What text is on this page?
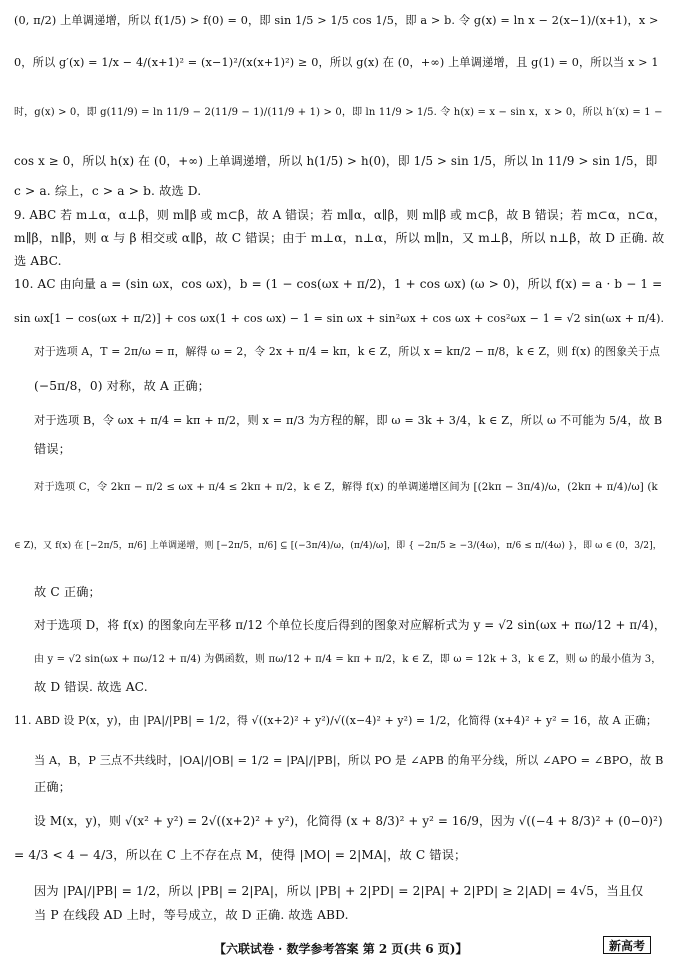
(0, π/2) 上单调递增，所以 f(1/5) > f(0) = 0，即 sin 1/5 > 1/5 cos 1/5，即 a > b. 令 g(x) = ln x − 2(x−1)/(x+1)，x >
0，所以 g′(x) = 1/x − 4/(x+1)² = (x−1)²/(x(x+1)²) ≥ 0，所以 g(x) 在 (0，+∞) 上单调递增，且 g(1) = 0，所以当 x > 1
时，g(x) > 0，即 g(11/9) = ln 11/9 − 2(11/9 − 1)/(11/9 + 1) > 0，即 ln 11/9 > 1/5. 令 h(x) = x − sin x，x > 0，所以 h′(x) = 1 −
cos x ≥ 0，所以 h(x) 在 (0，+∞) 上单调递增，所以 h(1/5) > h(0)，即 1/5 > sin 1/5，所以 ln 11/9 > sin 1/5，即
c > a. 综上，c > a > b. 故选 D.
9. ABC 若 m⊥α，α⊥β，则 m∥β 或 m⊂β，故 A 错误；若 m∥α，α∥β，则 m∥β 或 m⊂β，故 B 错误；若 m⊂α，n⊂α，
m∥β，n∥β，则 α 与 β 相交或 α∥β，故 C 错误；由于 m⊥α，n⊥α，所以 m∥n，又 m⊥β，所以 n⊥β，故 D 正确. 故
选 ABC.
10. AC 由向量 a = (sin ωx，cos ωx)，b = (1 − cos(ωx + π/2)，1 + cos ωx) (ω > 0)，所以 f(x) = a · b − 1 =
sin ωx[1 − cos(ωx + π/2)] + cos ωx(1 + cos ωx) − 1 = sin ωx + sin²ωx + cos ωx + cos²ωx − 1 = √2 sin(ωx + π/4).
对于选项 A，T = 2π/ω = π，解得 ω = 2，令 2x + π/4 = kπ，k ∈ Z，所以 x = kπ/2 − π/8，k ∈ Z，则 f(x) 的图象关于点
(−5π/8，0) 对称，故 A 正确；
对于选项 B，令 ωx + π/4 = kπ + π/2，则 x = π/3 为方程的解，即 ω = 3k + 3/4，k ∈ Z，所以 ω 不可能为 5/4，故 B
错误；
对于选项 C，令 2kπ − π/2 ≤ ωx + π/4 ≤ 2kπ + π/2，k ∈ Z，解得 f(x) 的单调递增区间为 [(2kπ − 3π/4)/ω，(2kπ + π/4)/ω] (k
∈ Z)，又 f(x) 在 [−2π/5，π/6] 上单调递增，则 [−2π/5，π/6] ⊆ [(−3π/4)/ω，(π/4)/ω]，即 { −2π/5 ≥ −3/(4ω)，π/6 ≤ π/(4ω) }，即 ω ∈ (0，3/2]，
故 C 正确；
对于选项 D，将 f(x) 的图象向左平移 π/12 个单位长度后得到的图象对应解析式为 y = √2 sin(ωx + πω/12 + π/4)，
由 y = √2 sin(ωx + πω/12 + π/4) 为偶函数，则 πω/12 + π/4 = kπ + π/2，k ∈ Z，即 ω = 12k + 3，k ∈ Z，则 ω 的最小值为 3，
故 D 错误. 故选 AC.
11. ABD 设 P(x，y)，由 |PA|/|PB| = 1/2，得 √((x+2)² + y²)/√((x−4)² + y²) = 1/2，化简得 (x+4)² + y² = 16，故 A 正确；
当 A，B，P 三点不共线时，|OA|/|OB| = 1/2 = |PA|/|PB|，所以 PO 是 ∠APB 的角平分线，所以 ∠APO = ∠BPO，故 B
正确；
设 M(x，y)，则 √(x² + y²) = 2√((x+2)² + y²)，化简得 (x + 8/3)² + y² = 16/9，因为 √((−4 + 8/3)² + (0−0)²)
= 4/3 < 4 − 4/3，所以在 C 上不存在点 M，使得 |MO| = 2|MA|，故 C 错误；
因为 |PA|/|PB| = 1/2，所以 |PB| = 2|PA|，所以 |PB| + 2|PD| = 2|PA| + 2|PD| ≥ 2|AD| = 4√5，当且仅
当 P 在线段 AD 上时，等号成立，故 D 正确. 故选 ABD.
【六联试卷 · 数学参考答案 第 2 页(共 6 页)】	新高考
